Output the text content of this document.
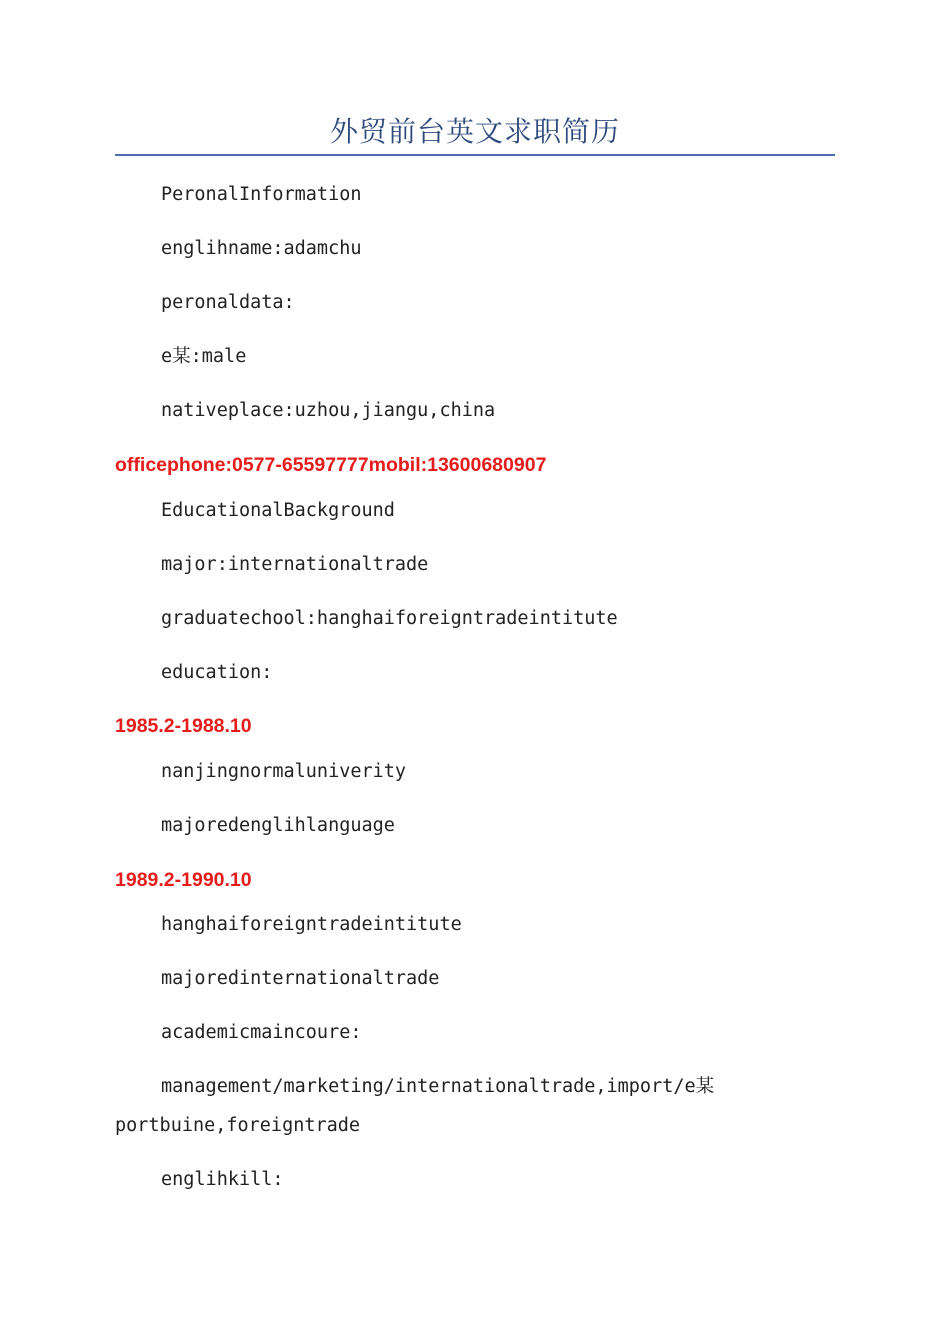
外贸前台英文求职简历
PeronalInformation
englihname:adamchu
peronaldata:
e某:male
nativeplace:uzhou,jiangu,china
officephone:0577-65597777mobil:13600680907
EducationalBackground
major:internationaltrade
graduatechool:hanghaiforeigntradeintitute
education:
1985.2-1988.10
nanjingnormaluniverity
majoredenglihlanguage
1989.2-1990.10
hanghaiforeigntradeintitute
majoredinternationaltrade
academicmaincoure:
management/marketing/internationaltrade,import/e某
portbuine,foreigntrade
englihkill:
